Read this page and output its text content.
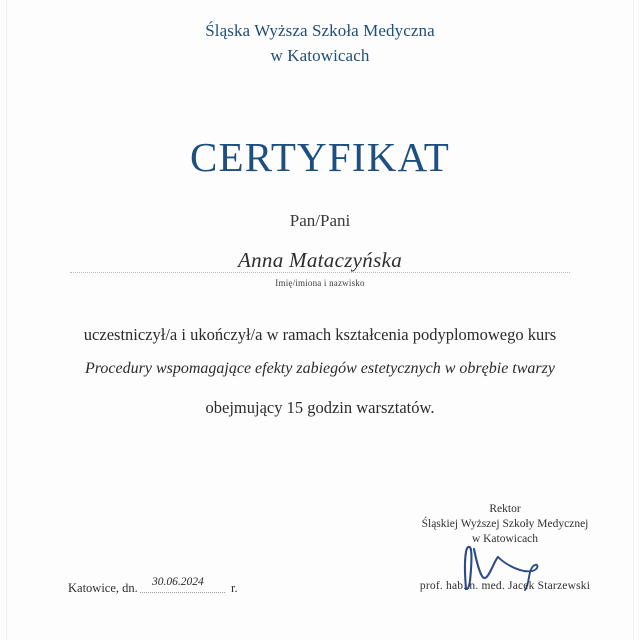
Śląska Wyższa Szkoła Medyczna
w Katowicach
CERTYFIKAT
Pan/Pani
Anna Mataczyńska
Imię/imiona i nazwisko
uczestniczył/a i ukończył/a w ramach kształcenia podyplomowego kurs
Procedury wspomagające efekty zabiegów estetycznych w obrębie twarzy
obejmujący 15 godzin warsztatów.
Rektor
Śląskiej Wyższej Szkoły Medycznej
w Katowicach
prof. hab. n. med. Jacek Starzewski
Katowice, dn. 30.06.2024 r.
